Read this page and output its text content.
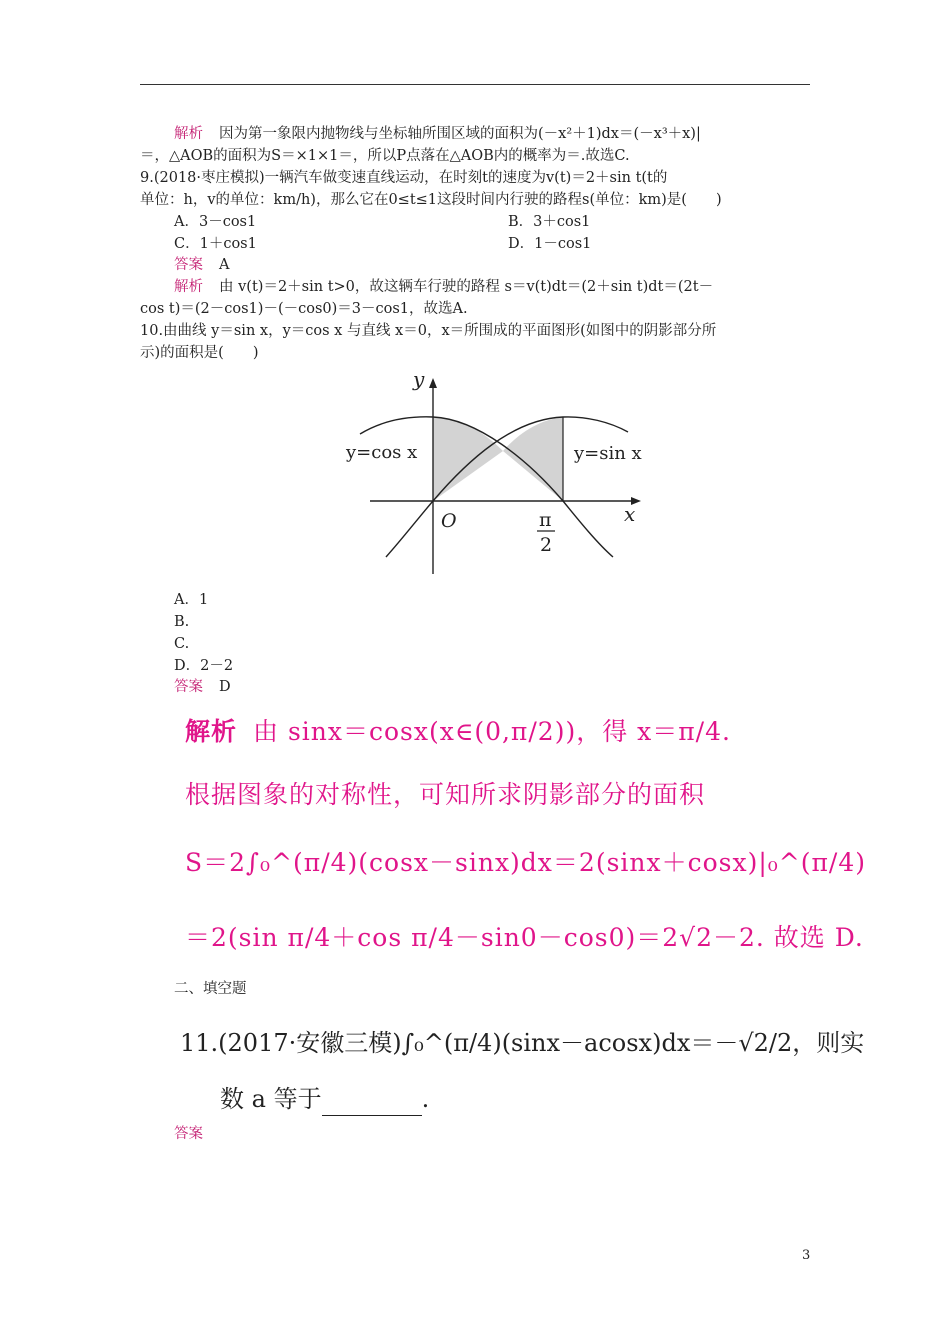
解析 因为第一象限内抛物线与坐标轴所围区域的面积为(－x²＋1)dx＝(－x³＋x)|
＝，△AOB的面积为S＝×1×1＝，所以P点落在△AOB内的概率为＝.故选C.
9.(2018·枣庄模拟)一辆汽车做变速直线运动，在时刻t的速度为v(t)＝2＋sin t(t的
单位：h，v的单位：km/h)，那么它在0≤t≤1这段时间内行驶的路程s(单位：km)是(　　)
A．3－cos1	B．3＋cos1
C．1＋cos1	D．1－cos1
答案 A
解析 由 v(t)＝2＋sin t>0，故这辆车行驶的路程 s＝v(t)dt＝(2＋sin t)dt＝(2t－
cos t)＝(2－cos1)－(－cos0)＝3－cos1，故选A.
10.由曲线 y＝sin x，y＝cos x 与直线 x＝0，x＝所围成的平面图形(如图中的阴影部分所
示)的面积是(　　)
y
x
O	π
2
y=cos x	y=sin x
A．1
B.
C.
D．2－2
答案 D
解析 由 sinx＝cosx(x∈(0,π/2))，得 x＝π/4.
根据图象的对称性，可知所求阴影部分的面积
S＝2∫₀^(π/4)(cosx－sinx)dx＝2(sinx＋cosx)|₀^(π/4)
＝2(sin π/4＋cos π/4－sin0－cos0)＝2√2－2. 故选 D.
二、填空题
11.(2017·安徽三模)∫₀^(π/4)(sinx－acosx)dx＝－√2/2，则实
数 a 等于	.
答案
3
